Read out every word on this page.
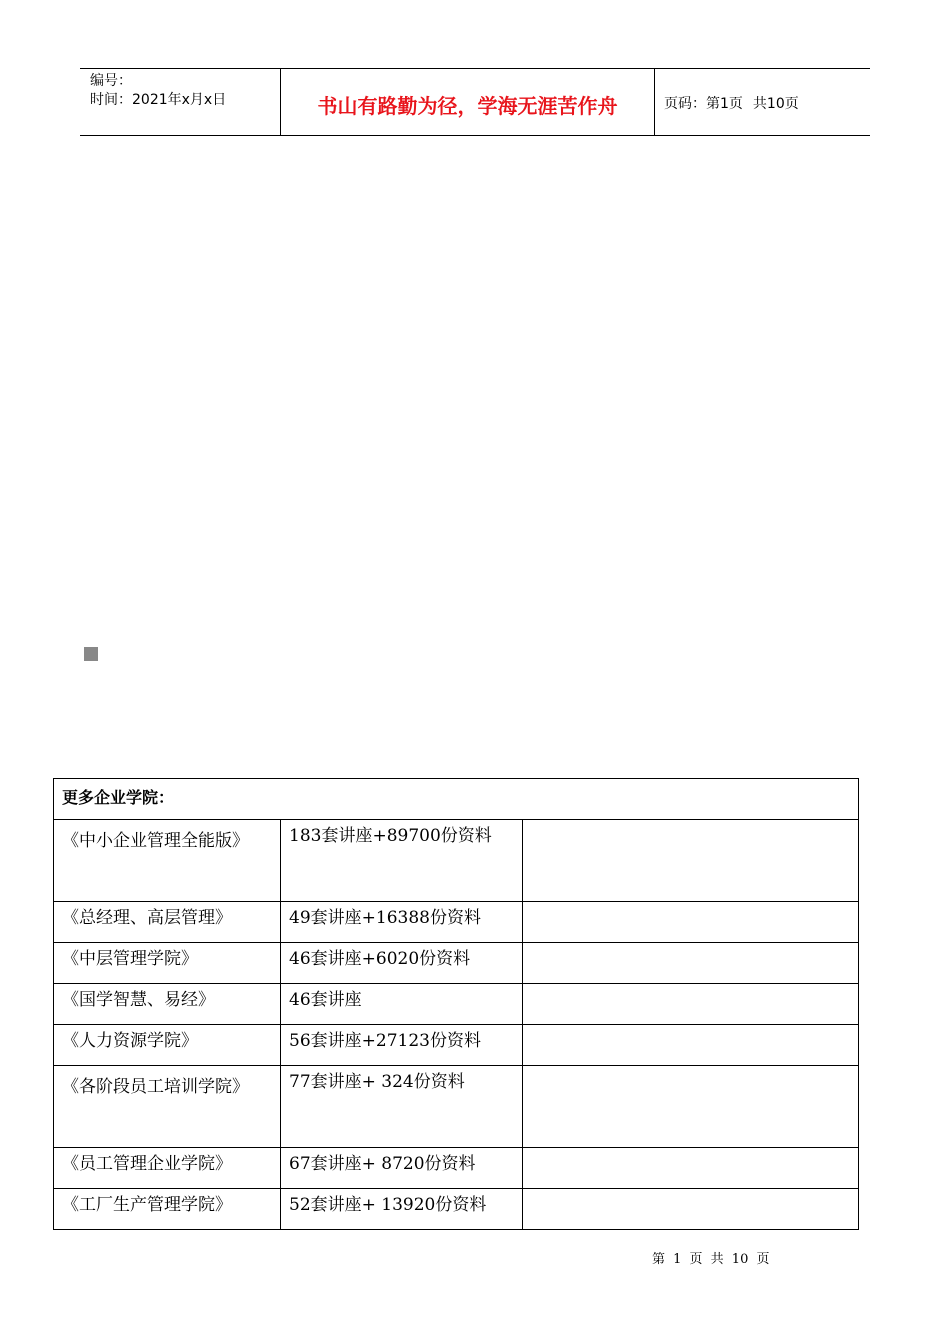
编号：
时间：2021年x月x日	书山有路勤为径，学海无涯苦作舟	页码：第1页 共10页
更多企业学院：		
《中小企业管理全能版》	183套讲座+89700份资料	
《总经理、高层管理》	49套讲座+16388份资料	
《中层管理学院》	46套讲座+6020份资料	
《国学智慧、易经》	46套讲座	
《人力资源学院》	56套讲座+27123份资料	
《各阶段员工培训学院》	77套讲座+ 324份资料	
《员工管理企业学院》	67套讲座+ 8720份资料	
《工厂生产管理学院》	52套讲座+ 13920份资料	
第 1 页 共 10 页
